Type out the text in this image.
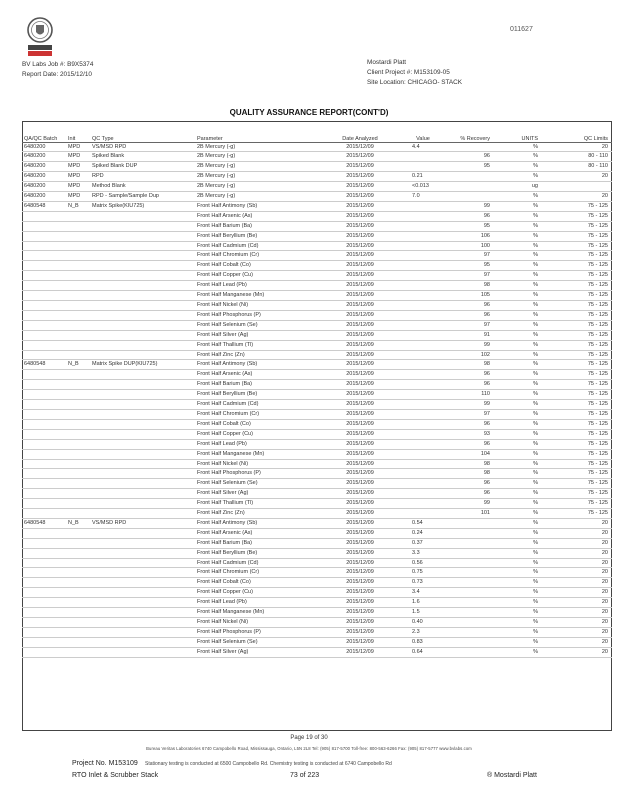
011627
BV Labs Job #: B9X5374
Report Date: 2015/12/10
Mostardi Platt
Client Project #: M153109-05
Site Location: CHICAGO- STACK
QUALITY ASSURANCE REPORT(CONT'D)
QA/QC Batch	Init	QC Type	Parameter	Date Analyzed	Value	% Recovery	UNITS	QC Limits
6480200	MPD	VS/MSD RPD	2B Mercury (-g)	2015/12/09	4.4		%	20
6480200	MPD	Spiked Blank	2B Mercury (-g)	2015/12/09		96	%	80 - 110
6480200	MPD	Spiked Blank DUP	2B Mercury (-g)	2015/12/09		95	%	80 - 110
6480200	MPD	RPD	2B Mercury (-g)	2015/12/09	0.21		%	20
6480200	MPD	Method Blank	2B Mercury (-g)	2015/12/09	<0.013		ug	
6480200	MPD	RPD - Sample/Sample Dup	2B Mercury (-g)	2015/12/09	7.0		%	20
6480548	N_B	Matrix Spike(KIU725)	Front Half Antimony (Sb)	2015/12/09		99	%	75 - 125
			Front Half Arsenic (As)	2015/12/09		96	%	75 - 125
			Front Half Barium (Ba)	2015/12/09		95	%	75 - 125
			Front Half Beryllium (Be)	2015/12/09		106	%	75 - 125
			Front Half Cadmium (Cd)	2015/12/09		100	%	75 - 125
			Front Half Chromium (Cr)	2015/12/09		97	%	75 - 125
			Front Half Cobalt (Co)	2015/12/09		95	%	75 - 125
			Front Half Copper (Cu)	2015/12/09		97	%	75 - 125
			Front Half Lead (Pb)	2015/12/09		98	%	75 - 125
			Front Half Manganese (Mn)	2015/12/09		105	%	75 - 125
			Front Half Nickel (Ni)	2015/12/09		96	%	75 - 125
			Front Half Phosphorus (P)	2015/12/09		96	%	75 - 125
			Front Half Selenium (Se)	2015/12/09		97	%	75 - 125
			Front Half Silver (Ag)	2015/12/09		91	%	75 - 125
			Front Half Thallium (Tl)	2015/12/09		99	%	75 - 125
			Front Half Zinc (Zn)	2015/12/09		102	%	75 - 125
6480548	N_B	Matrix Spike DUP(KIU725)	Front Half Antimony (Sb)	2015/12/09		98	%	75 - 125
			Front Half Arsenic (As)	2015/12/09		96	%	75 - 125
			Front Half Barium (Ba)	2015/12/09		96	%	75 - 125
			Front Half Beryllium (Be)	2015/12/09		110	%	75 - 125
			Front Half Cadmium (Cd)	2015/12/09		99	%	75 - 125
			Front Half Chromium (Cr)	2015/12/09		97	%	75 - 125
			Front Half Cobalt (Co)	2015/12/09		96	%	75 - 125
			Front Half Copper (Cu)	2015/12/09		93	%	75 - 125
			Front Half Lead (Pb)	2015/12/09		96	%	75 - 125
			Front Half Manganese (Mn)	2015/12/09		104	%	75 - 125
			Front Half Nickel (Ni)	2015/12/09		98	%	75 - 125
			Front Half Phosphorus (P)	2015/12/09		98	%	75 - 125
			Front Half Selenium (Se)	2015/12/09		96	%	75 - 125
			Front Half Silver (Ag)	2015/12/09		96	%	75 - 125
			Front Half Thallium (Tl)	2015/12/09		99	%	75 - 125
			Front Half Zinc (Zn)	2015/12/09		101	%	75 - 125
6480548	N_B	VS/MSD RPD	Front Half Antimony (Sb)	2015/12/09	0.54		%	20
			Front Half Arsenic (As)	2015/12/09	0.24		%	20
			Front Half Barium (Ba)	2015/12/09	0.37		%	20
			Front Half Beryllium (Be)	2015/12/09	3.3		%	20
			Front Half Cadmium (Cd)	2015/12/09	0.56		%	20
			Front Half Chromium (Cr)	2015/12/09	0.75		%	20
			Front Half Cobalt (Co)	2015/12/09	0.73		%	20
			Front Half Copper (Cu)	2015/12/09	3.4		%	20
			Front Half Lead (Pb)	2015/12/09	1.6		%	20
			Front Half Manganese (Mn)	2015/12/09	1.5		%	20
			Front Half Nickel (Ni)	2015/12/09	0.40		%	20
			Front Half Phosphorus (P)	2015/12/09	2.3		%	20
			Front Half Selenium (Se)	2015/12/09	0.83		%	20
			Front Half Silver (Ag)	2015/12/09	0.64		%	20
Page 19 of 30
Bureau Veritas Laboratories 6740 Campobello Road, Mississauga, Ontario, L5N 2L8 Tel: (905) 817-5700 Toll-free: 800-563-6266 Fax: (905) 817-5777 www.bvlabs.com
Project No. M153109 Stationary testing is conducted at 6500 Campobello Rd. Chemistry testing is conducted at 6740 Campobello Rd
RTO Inlet & Scrubber Stack	73 of 223	® Mostardi Platt
